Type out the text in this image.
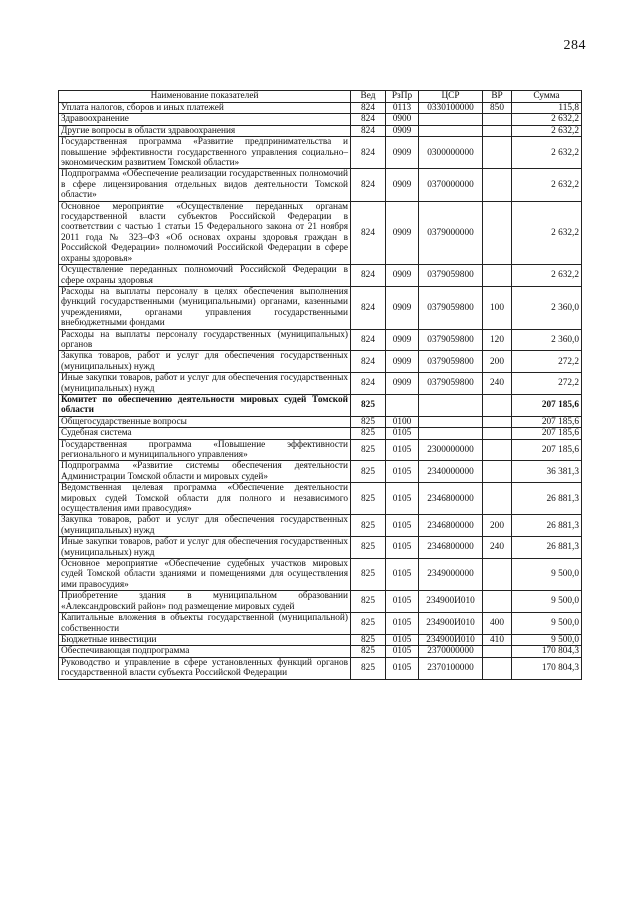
284
Наименование показателей	Вед	РзПр	ЦСР	ВР	Сумма
Уплата налогов, сборов и иных платежей	824	0113	0330100000	850	115,8
Здравоохранение	824	0900			2 632,2
Другие вопросы в области здравоохранения	824	0909			2 632,2
Государственная программа «Развитие предпринимательства и повышение эффективности государственного управления социально–экономическим развитием Томской области»	824	0909	0300000000		2 632,2
Подпрограмма «Обеспечение реализации государственных полномочий в сфере лицензирования отдельных видов деятельности Томской области»	824	0909	0370000000		2 632,2
Основное мероприятие «Осуществление переданных органам государственной власти субъектов Российской Федерации в соответствии с частью 1 статьи 15 Федерального закона от 21 ноября 2011 года № 323–ФЗ «Об основах охраны здоровья граждан в Российской Федерации» полномочий Российской Федерации в сфере охраны здоровья»	824	0909	0379000000		2 632,2
Осуществление переданных полномочий Российской Федерации в сфере охраны здоровья	824	0909	0379059800		2 632,2
Расходы на выплаты персоналу в целях обеспечения выполнения функций государственными (муниципальными) органами, казенными учреждениями, органами управления государственными внебюджетными фондами	824	0909	0379059800	100	2 360,0
Расходы на выплаты персоналу государственных (муниципальных) органов	824	0909	0379059800	120	2 360,0
Закупка товаров, работ и услуг для обеспечения государственных (муниципальных) нужд	824	0909	0379059800	200	272,2
Иные закупки товаров, работ и услуг для обеспечения государственных (муниципальных) нужд	824	0909	0379059800	240	272,2
Комитет по обеспечению деятельности мировых судей Томской области	825				207 185,6
Общегосударственные вопросы	825	0100			207 185,6
Судебная система	825	0105			207 185,6
Государственная программа «Повышение эффективности регионального и муниципального управления»	825	0105	2300000000		207 185,6
Подпрограмма «Развитие системы обеспечения деятельности Администрации Томской области и мировых судей»	825	0105	2340000000		36 381,3
Ведомственная целевая программа «Обеспечение деятельности мировых судей Томской области для полного и независимого осуществления ими правосудия»	825	0105	2346800000		26 881,3
Закупка товаров, работ и услуг для обеспечения государственных (муниципальных) нужд	825	0105	2346800000	200	26 881,3
Иные закупки товаров, работ и услуг для обеспечения государственных (муниципальных) нужд	825	0105	2346800000	240	26 881,3
Основное мероприятие «Обеспечение судебных участков мировых судей Томской области зданиями и помещениями для осуществления ими правосудия»	825	0105	2349000000		9 500,0
Приобретение здания в муниципальном образовании «Александровский район» под размещение мировых судей	825	0105	234900И010		9 500,0
Капитальные вложения в объекты государственной (муниципальной) собственности	825	0105	234900И010	400	9 500,0
Бюджетные инвестиции	825	0105	234900И010	410	9 500,0
Обеспечивающая подпрограмма	825	0105	2370000000		170 804,3
Руководство и управление в сфере установленных функций органов государственной власти субъекта Российской Федерации	825	0105	2370100000		170 804,3
